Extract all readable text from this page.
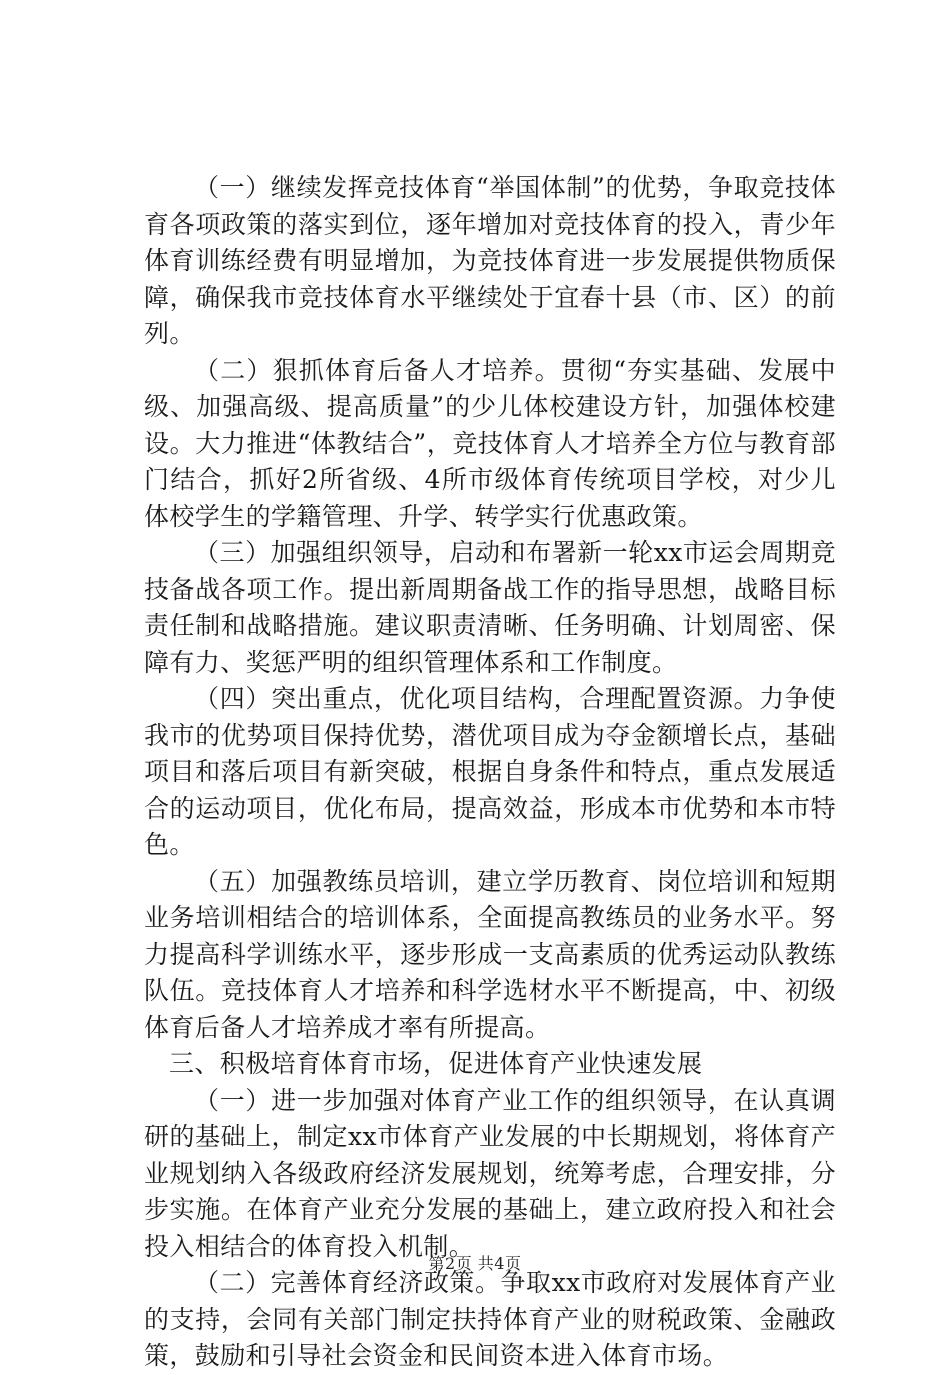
（一）继续发挥竞技体育“举国体制”的优势，争取竞技体育各项政策的落实到位，逐年增加对竞技体育的投入，青少年体育训练经费有明显增加，为竞技体育进一步发展提供物质保障，确保我市竞技体育水平继续处于宜春十县（市、区）的前列。

（二）狠抓体育后备人才培养。贯彻“夯实基础、发展中级、加强高级、提高质量”的少儿体校建设方针，加强体校建设。大力推进“体教结合”，竞技体育人才培养全方位与教育部门结合，抓好2所省级、4所市级体育传统项目学校，对少儿体校学生的学籍管理、升学、转学实行优惠政策。

（三）加强组织领导，启动和布署新一轮xx市运会周期竞技备战各项工作。提出新周期备战工作的指导思想，战略目标责任制和战略措施。建议职责清晰、任务明确、计划周密、保障有力、奖惩严明的组织管理体系和工作制度。

（四）突出重点，优化项目结构，合理配置资源。力争使我市的优势项目保持优势，潜优项目成为夺金额增长点，基础项目和落后项目有新突破，根据自身条件和特点，重点发展适合的运动项目，优化布局，提高效益，形成本市优势和本市特色。

（五）加强教练员培训，建立学历教育、岗位培训和短期业务培训相结合的培训体系，全面提高教练员的业务水平。努力提高科学训练水平，逐步形成一支高素质的优秀运动队教练队伍。竞技体育人才培养和科学选材水平不断提高，中、初级体育后备人才培养成才率有所提高。

三、积极培育体育市场，促进体育产业快速发展

（一）进一步加强对体育产业工作的组织领导，在认真调研的基础上，制定xx市体育产业发展的中长期规划，将体育产业规划纳入各级政府经济发展规划，统筹考虑，合理安排，分步实施。在体育产业充分发展的基础上，建立政府投入和社会投入相结合的体育投入机制。

（二）完善体育经济政策。争取xx市政府对发展体育产业的支持，会同有关部门制定扶持体育产业的财税政策、金融政策，鼓励和引导社会资金和民间资本进入体育市场。

第2页 共4页
